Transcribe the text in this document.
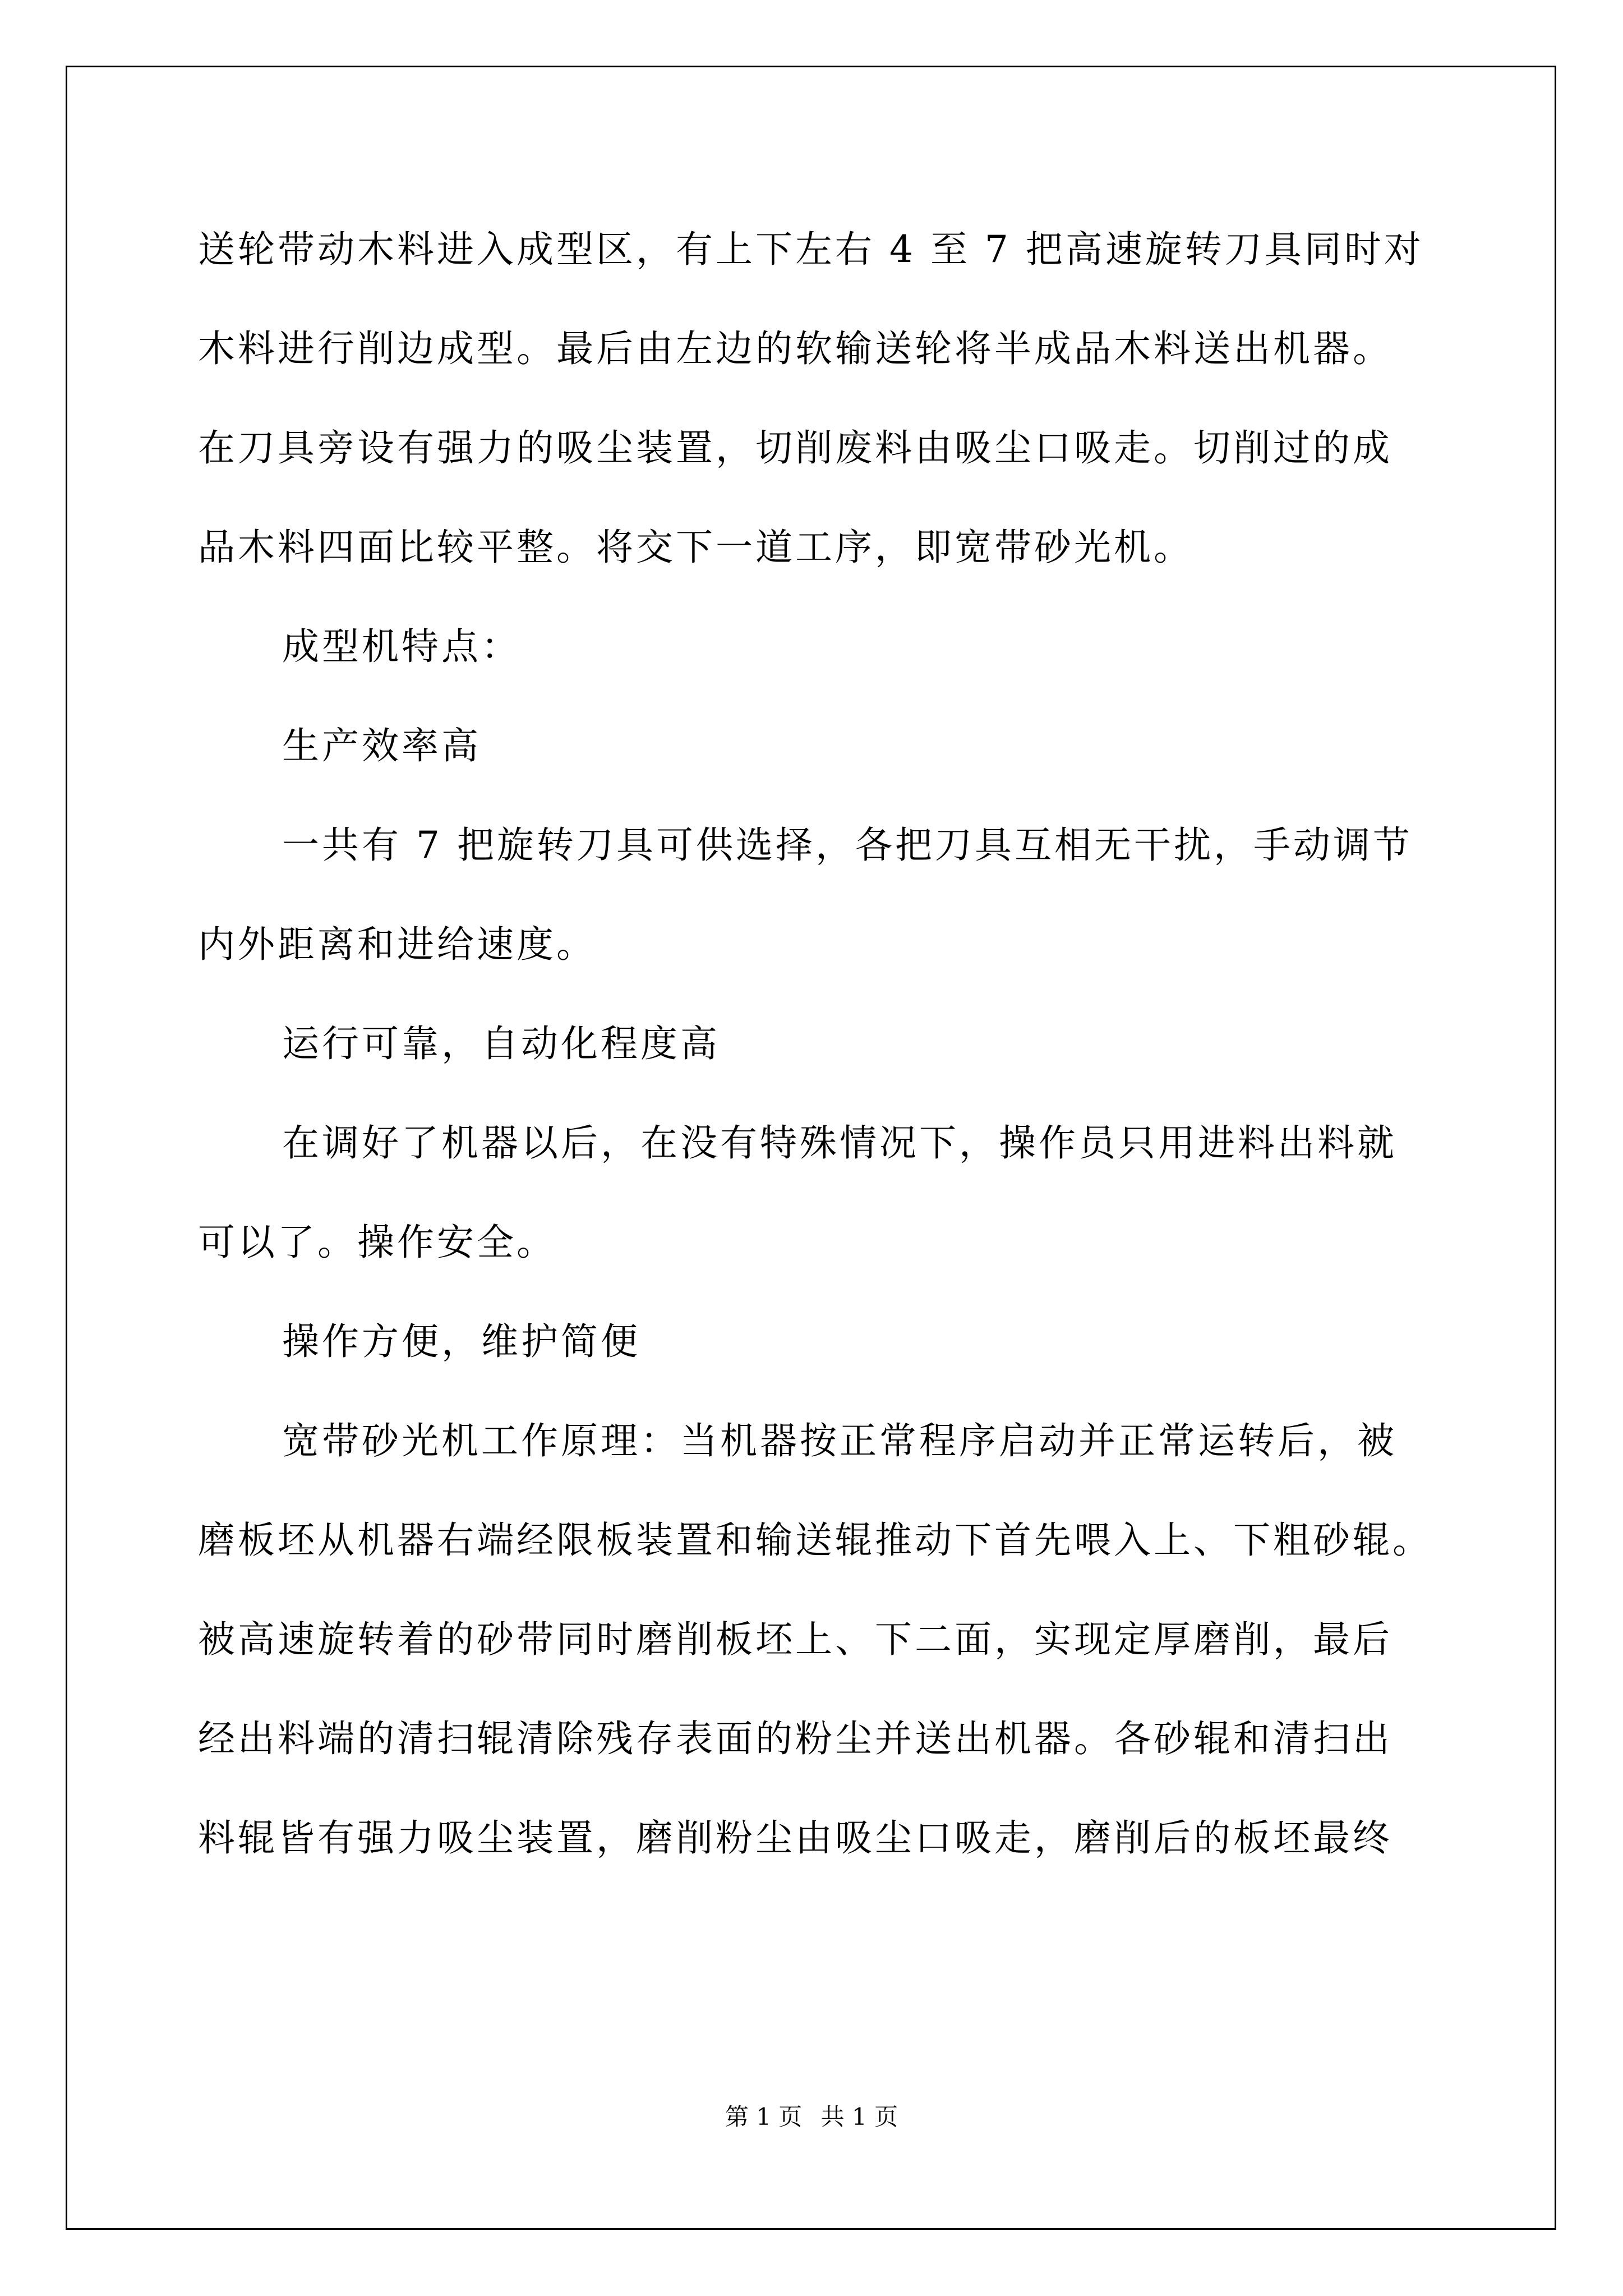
送轮带动木料进入成型区，有上下左右 4 至 7 把高速旋转刀具同时对
木料进行削边成型。最后由左边的软输送轮将半成品木料送出机器。
在刀具旁设有强力的吸尘装置，切削废料由吸尘口吸走。切削过的成
品木料四面比较平整。将交下一道工序，即宽带砂光机。
成型机特点：
生产效率高
一共有 7 把旋转刀具可供选择，各把刀具互相无干扰，手动调节
内外距离和进给速度。
运行可靠，自动化程度高
在调好了机器以后，在没有特殊情况下，操作员只用进料出料就
可以了。操作安全。
操作方便，维护简便
宽带砂光机工作原理：当机器按正常程序启动并正常运转后，被
磨板坯从机器右端经限板装置和输送辊推动下首先喂入上、下粗砂辊。
被高速旋转着的砂带同时磨削板坯上、下二面，实现定厚磨削，最后
经出料端的清扫辊清除残存表面的粉尘并送出机器。各砂辊和清扫出
料辊皆有强力吸尘装置，磨削粉尘由吸尘口吸走，磨削后的板坯最终
第 1 页 共 1 页
